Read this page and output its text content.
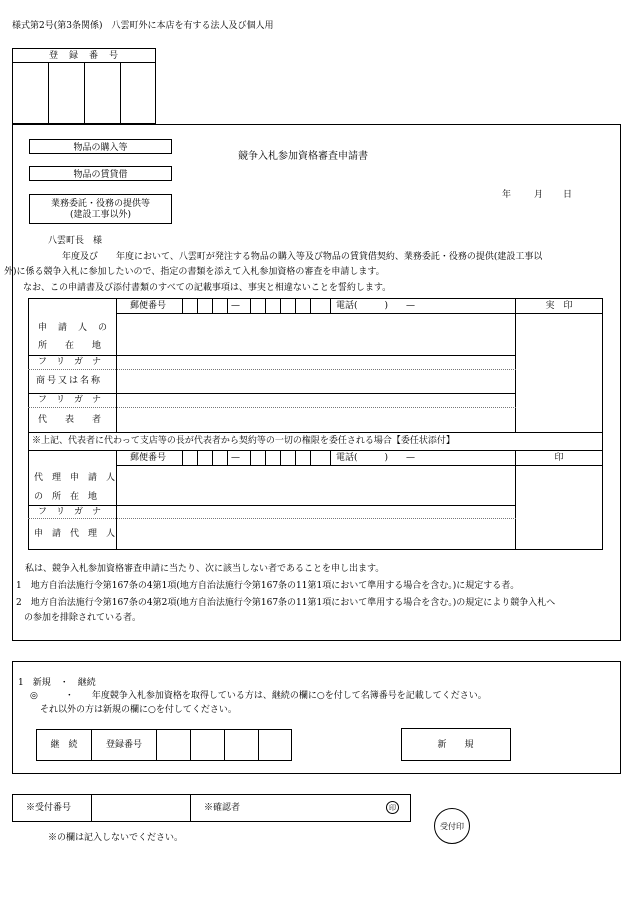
様式第2号(第3条関係)　八雲町外に本店を有する法人及び個人用
登　録　番　号
物品の購入等
物品の賃貸借
業務委託・役務の提供等
(建設工事以外)
競争入札参加資格審査申請書
年	月 日
八雲町長　様
　　年度及び　　年度において、八雲町が発注する物品の購入等及び物品の賃貸借契約、業務委託・役務の提供(建設工事以
外)に係る競争入札に参加したいので、指定の書類を添えて入札参加資格の審査を申請します。
　なお、この申請書及び添付書類のすべての記載事項は、事実と相違ないことを誓約します。
郵便番号	—	電話(　　　)　　—	実　印
申　請　人　の
所　　在　　地
フ　リ　ガ　ナ
商号又は名称
フ　リ　ガ　ナ
代　　表　　者
※上記、代表者に代わって支店等の長が代表者から契約等の一切の権限を委任される場合【委任状添付】
郵便番号	—	電話(　　　)　　—	印
代　理　申　請　人
の　所　在　地
フ　リ　ガ　ナ
申　請　代　理　人
私は、競争入札参加資格審査申請に当たり、次に該当しない者であることを申し出ます。
1　地方自治法施行令第167条の4第1項(地方自治法施行令第167条の11第1項において準用する場合を含む。)に規定する者。
2　地方自治法施行令第167条の4第2項(地方自治法施行令第167条の11第1項において準用する場合を含む。)の規定により競争入札へ
の参加を排除されている者。
1　新規　・　継続
◎　　　・　　年度競争入札参加資格を取得している方は、継続の欄に○を付して名簿番号を記載してください。
それ以外の方は新規の欄に○を付してください。
継　続	登録番号	新　　規
※受付番号	※確認者	印
受付印
※の欄は記入しないでください。
